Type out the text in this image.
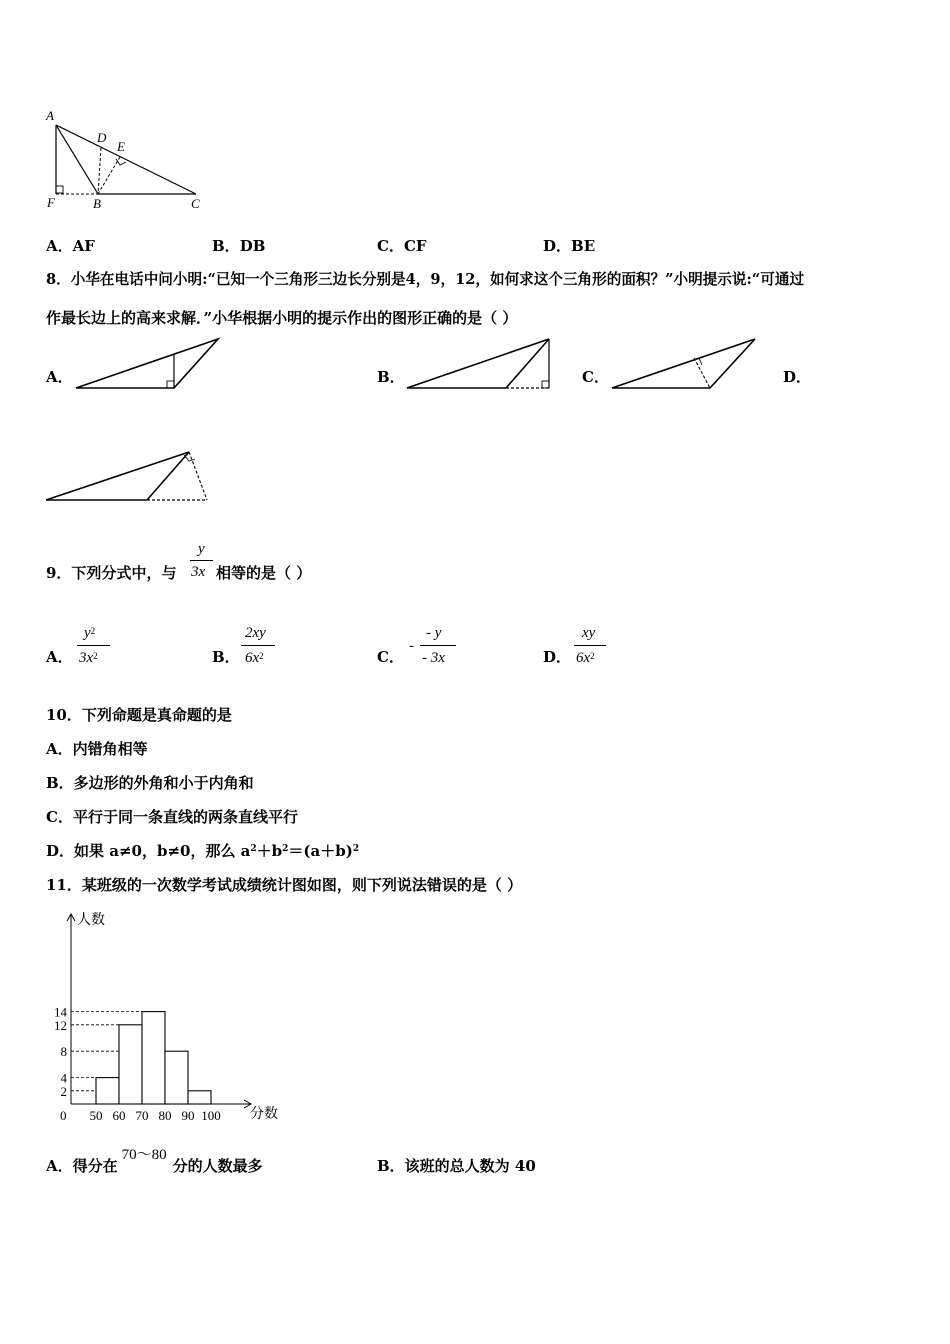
A
D
E
F	B	C
A．AF	B．DB	C．CF	D．BE
8．小华在电话中问小明:“已知一个三角形三边长分别是4，9，12，如何求这个三角形的面积？”小明提示说:“可通过
作最长边上的高来求解．”小华根据小明的提示作出的图形正确的是（ ）
A．	B．	C．	D．
9．下列分式中，与
y
3x 相等的是（ ）
A．
$y^2$
$3x^2$	B．
2xy
$6x^2$	C．
-
- y
- 3x	D．
xy
$6x^2$
10．下列命题是真命题的是
A．内错角相等
B．多边形的外角和小于内角和
C．平行于同一条直线的两条直线平行
D．如果 a≠0，b≠0，那么 $a^2+b^2=(a+b)^2$
11．某班级的一次数学考试成绩统计图如图，则下列说法错误的是（ ）
人数
分数
2
4
8
12
14
0 50 60 70 80 90 100
A．得分在70～80分的人数最多	B．该班的总人数为 40
